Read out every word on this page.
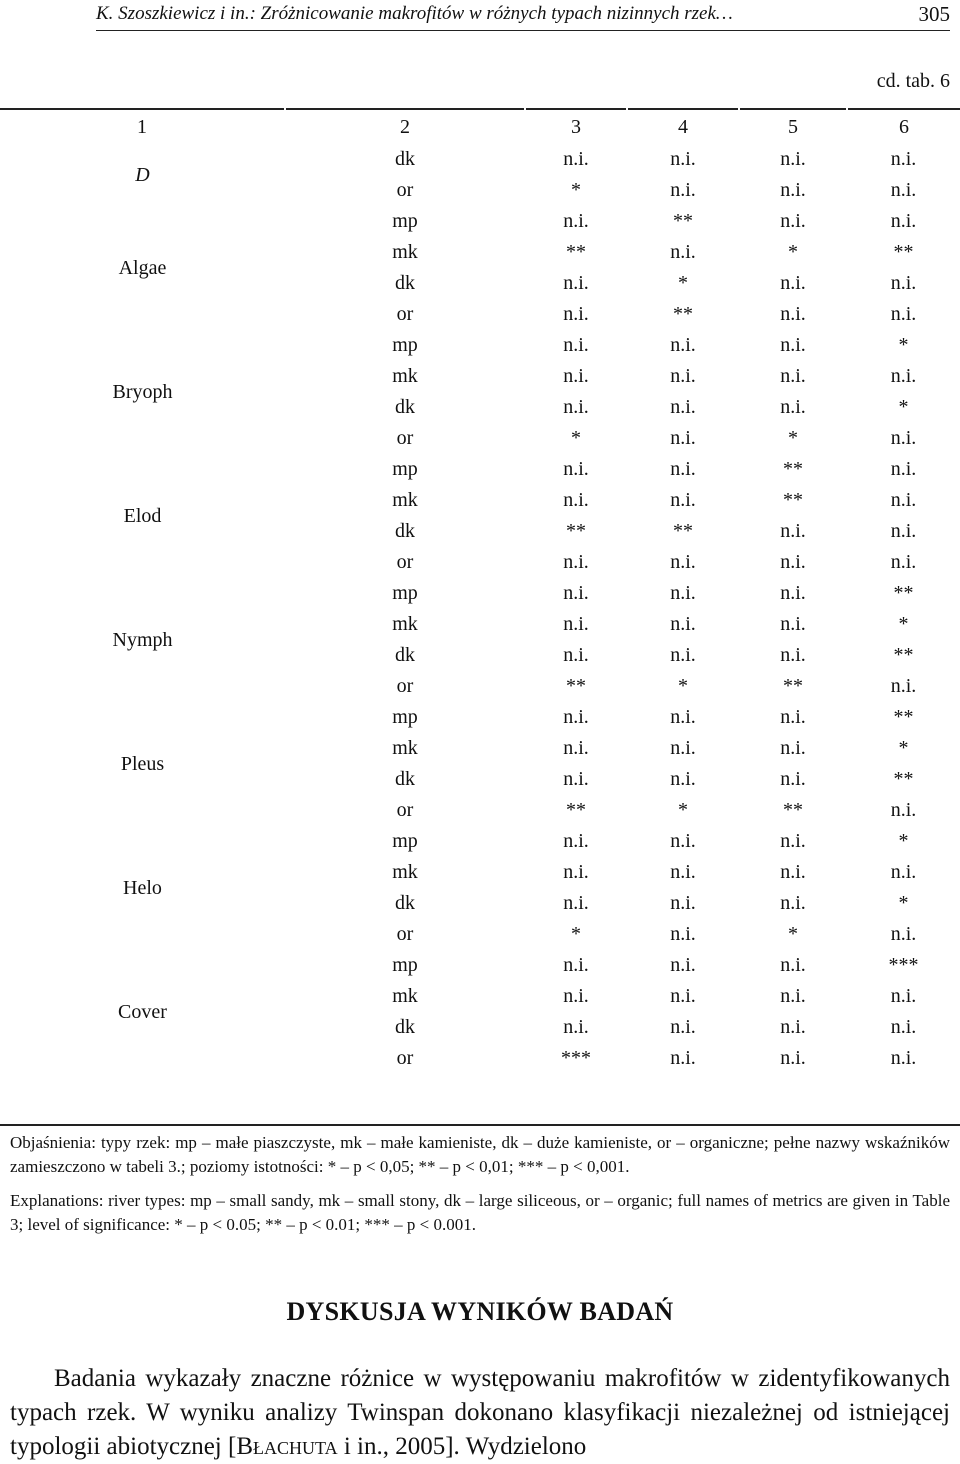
K. Szoszkiewicz i in.: Zróżnicowanie makrofitów w różnych typach nizinnych rzek…	305
cd. tab. 6
1	2	3	4	5	6
D	dk	n.i.	n.i.	n.i.	n.i.
	or	*	n.i.	n.i.	n.i.
Algae	mp	n.i.	**	n.i.	n.i.
	mk	**	n.i.	*	**
	dk	n.i.	*	n.i.	n.i.
	or	n.i.	**	n.i.	n.i.
Bryoph	mp	n.i.	n.i.	n.i.	*
	mk	n.i.	n.i.	n.i.	n.i.
	dk	n.i.	n.i.	n.i.	*
	or	*	n.i.	*	n.i.
Elod	mp	n.i.	n.i.	**	n.i.
	mk	n.i.	n.i.	**	n.i.
	dk	**	**	n.i.	n.i.
	or	n.i.	n.i.	n.i.	n.i.
Nymph	mp	n.i.	n.i.	n.i.	**
	mk	n.i.	n.i.	n.i.	*
	dk	n.i.	n.i.	n.i.	**
	or	**	*	**	n.i.
Pleus	mp	n.i.	n.i.	n.i.	**
	mk	n.i.	n.i.	n.i.	*
	dk	n.i.	n.i.	n.i.	**
	or	**	*	**	n.i.
Helo	mp	n.i.	n.i.	n.i.	*
	mk	n.i.	n.i.	n.i.	n.i.
	dk	n.i.	n.i.	n.i.	*
	or	*	n.i.	*	n.i.
Cover	mp	n.i.	n.i.	n.i.	***
	mk	n.i.	n.i.	n.i.	n.i.
	dk	n.i.	n.i.	n.i.	n.i.
	or	***	n.i.	n.i.	n.i.
Objaśnienia: typy rzek: mp – małe piaszczyste, mk – małe kamieniste, dk – duże kamieniste, or – organiczne; pełne nazwy wskaźników zamieszczono w tabeli 3.; poziomy istotności: * – p < 0,05; ** – p < 0,01; *** – p < 0,001.
Explanations: river types: mp – small sandy, mk – small stony, dk – large siliceous, or – organic; full names of metrics are given in Table 3; level of significance: * – p < 0.05; ** – p < 0.01; *** – p < 0.001.
DYSKUSJA WYNIKÓW BADAŃ
Badania wykazały znaczne różnice w występowaniu makrofitów w zidentyfikowanych typach rzek. W wyniku analizy Twinspan dokonano klasyfikacji niezależnej od istniejącej typologii abiotycznej [Błachuta i in., 2005]. Wydzielono
